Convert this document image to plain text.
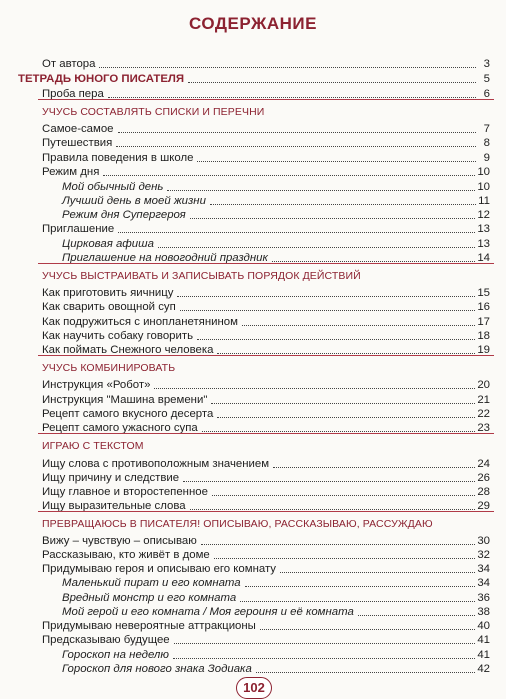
СОДЕРЖАНИЕ
От автора	3
ТЕТРАДЬ ЮНОГО ПИСАТЕЛЯ	5
Проба пера	6
УЧУСЬ СОСТАВЛЯТЬ СПИСКИ И ПЕРЕЧНИ
Самое-самое	7
Путешествия	8
Правила поведения в школе	9
Режим дня	10
Мой обычный день	10
Лучший день в моей жизни	11
Режим дня Супергероя	12
Приглашение	13
Цирковая афиша	13
Приглашение на новогодний праздник	14
УЧУСЬ ВЫСТРАИВАТЬ И ЗАПИСЫВАТЬ ПОРЯДОК ДЕЙСТВИЙ
Как приготовить яичницу	15
Как сварить овощной суп	16
Как подружиться с инопланетянином	17
Как научить собаку говорить	18
Как поймать Снежного человека	19
УЧУСЬ КОМБИНИРОВАТЬ
Инструкция «Робот»	20
Инструкция "Машина времени"	21
Рецепт самого вкусного десерта	22
Рецепт самого ужасного супа	23
ИГРАЮ С ТЕКСТОМ
Ищу слова с противоположным значением	24
Ищу причину и следствие	26
Ищу главное и второстепенное	28
Ищу выразительные слова	29
ПРЕВРАЩАЮСЬ В ПИСАТЕЛЯ! ОПИСЫВАЮ, РАССКАЗЫВАЮ, РАССУЖДАЮ
Вижу – чувствую – описываю	30
Рассказываю, кто живёт в доме	32
Придумываю героя и описываю его комнату	34
Маленький пират и его комната	34
Вредный монстр и его комната	36
Мой герой и его комната / Моя героиня и её комната	38
Придумываю невероятные аттракционы	40
Предсказываю будущее	41
Гороскоп на неделю	41
Гороскоп для нового знака Зодиака	42
102
